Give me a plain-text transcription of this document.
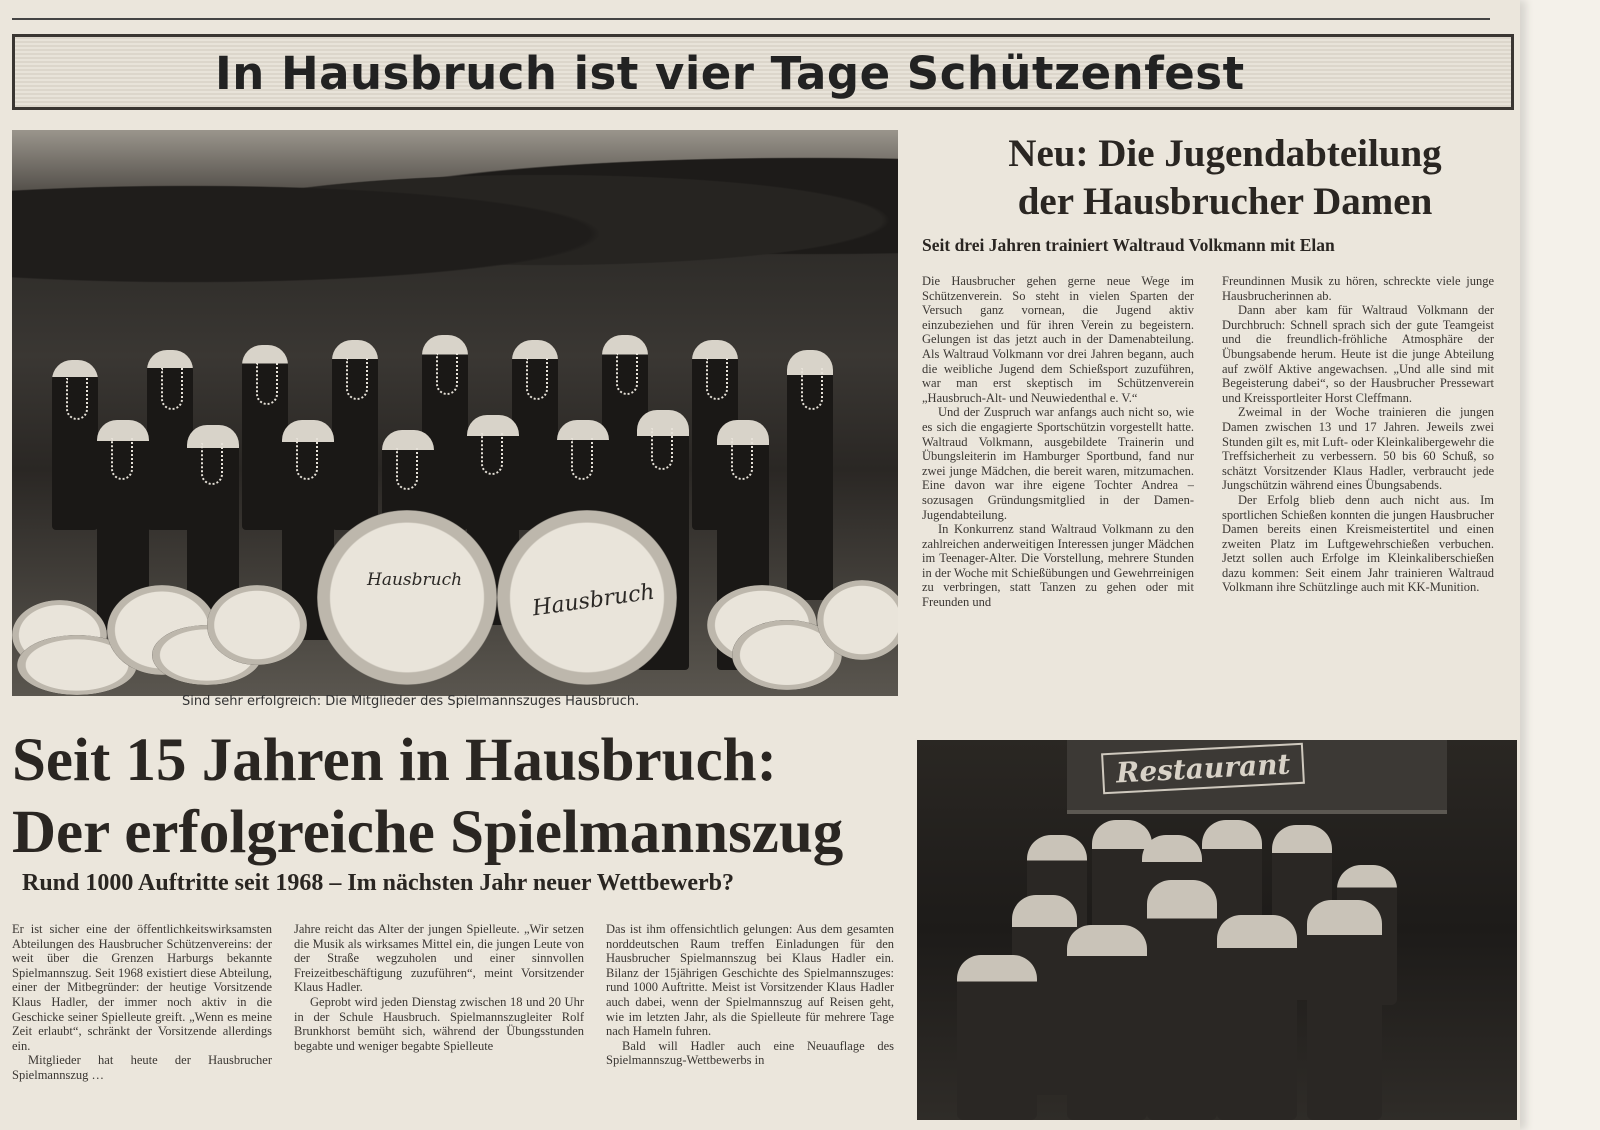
In Hausbruch ist vier Tage Schützenfest
Hausbruch	Hausbruch
Sind sehr erfolgreich: Die Mitglieder des Spielmannszuges Hausbruch.
Neu: Die Jugendabteilung
der Hausbrucher Damen
Seit drei Jahren trainiert Waltraud Volkmann mit Elan

Die Hausbrucher gehen gerne neue Wege im Schützenverein. So steht in vielen Sparten der Versuch ganz vornean, die Jugend aktiv einzubeziehen und für ihren Verein zu begeistern. Gelungen ist das jetzt auch in der Damenabteilung. Als Waltraud Volkmann vor drei Jahren begann, auch die weibliche Jugend dem Schießsport zuzuführen, war man erst skeptisch im Schützenverein „Hausbruch-Alt- und Neuwiedenthal e. V.“

Und der Zuspruch war anfangs auch nicht so, wie es sich die engagierte Sportschützin vorgestellt hatte. Waltraud Volkmann, ausgebildete Trainerin und Übungsleiterin im Hamburger Sportbund, fand nur zwei junge Mädchen, die bereit waren, mitzumachen. Eine davon war ihre eigene Tochter Andrea – sozusagen Gründungsmitglied in der Damen-Jugendabteilung.

In Konkurrenz stand Waltraud Volkmann zu den zahlreichen anderweitigen Interessen junger Mädchen im Teenager-Alter. Die Vorstellung, mehrere Stunden in der Woche mit Schießübungen und Gewehrreinigen zu verbringen, statt Tanzen zu gehen oder mit Freunden und

Freundinnen Musik zu hören, schreckte viele junge Hausbrucherinnen ab.

Dann aber kam für Waltraud Volkmann der Durchbruch: Schnell sprach sich der gute Teamgeist und die freundlich-fröhliche Atmosphäre der Übungsabende herum. Heute ist die junge Abteilung auf zwölf Aktive angewachsen. „Und alle sind mit Begeisterung dabei“, so der Hausbrucher Pressewart und Kreissportleiter Horst Cleffmann.

Zweimal in der Woche trainieren die jungen Damen zwischen 13 und 17 Jahren. Jeweils zwei Stunden gilt es, mit Luft- oder Kleinkalibergewehr die Treffsicherheit zu verbessern. 50 bis 60 Schuß, so schätzt Vorsitzender Klaus Hadler, verbraucht jede Jungschützin während eines Übungsabends.

Der Erfolg blieb denn auch nicht aus. Im sportlichen Schießen konnten die jungen Hausbrucher Damen bereits einen Kreismeistertitel und einen zweiten Platz im Luftgewehrschießen verbuchen. Jetzt sollen auch Erfolge im Kleinkaliberschießen dazu kommen: Seit einem Jahr trainieren Waltraud Volkmann ihre Schützlinge auch mit KK-Munition.

Restaurant
Seit 15 Jahren in Hausbruch:
Der erfolgreiche Spielmannszug
Rund 1000 Auftritte seit 1968 – Im nächsten Jahr neuer Wettbewerb?

Er ist sicher eine der öffentlichkeitswirksamsten Abteilungen des Hausbrucher Schützenvereins: der weit über die Grenzen Harburgs bekannte Spielmannszug. Seit 1968 existiert diese Abteilung, einer der Mitbegründer: der heutige Vorsitzende Klaus Hadler, der immer noch aktiv in die Geschicke seiner Spielleute greift. „Wenn es meine Zeit erlaubt“, schränkt der Vorsitzende allerdings ein.

Mitglieder hat heute der Hausbrucher Spielmannszug …

Jahre reicht das Alter der jungen Spielleute. „Wir setzen die Musik als wirksames Mittel ein, die jungen Leute von der Straße wegzuholen und einer sinnvollen Freizeitbeschäftigung zuzuführen“, meint Vorsitzender Klaus Hadler.

Geprobt wird jeden Dienstag zwischen 18 und 20 Uhr in der Schule Hausbruch. Spielmannszugleiter Rolf Brunkhorst bemüht sich, während der Übungsstunden begabte und weniger begabte Spielleute

Das ist ihm offensichtlich gelungen: Aus dem gesamten norddeutschen Raum treffen Einladungen für den Hausbrucher Spielmannszug bei Klaus Hadler ein. Bilanz der 15jährigen Geschichte des Spielmannszuges: rund 1000 Auftritte. Meist ist Vorsitzender Klaus Hadler auch dabei, wenn der Spielmannszug auf Reisen geht, wie im letzten Jahr, als die Spielleute für mehrere Tage nach Hameln fuhren.

Bald will Hadler auch eine Neuauflage des Spielmannszug-Wettbewerbs in
